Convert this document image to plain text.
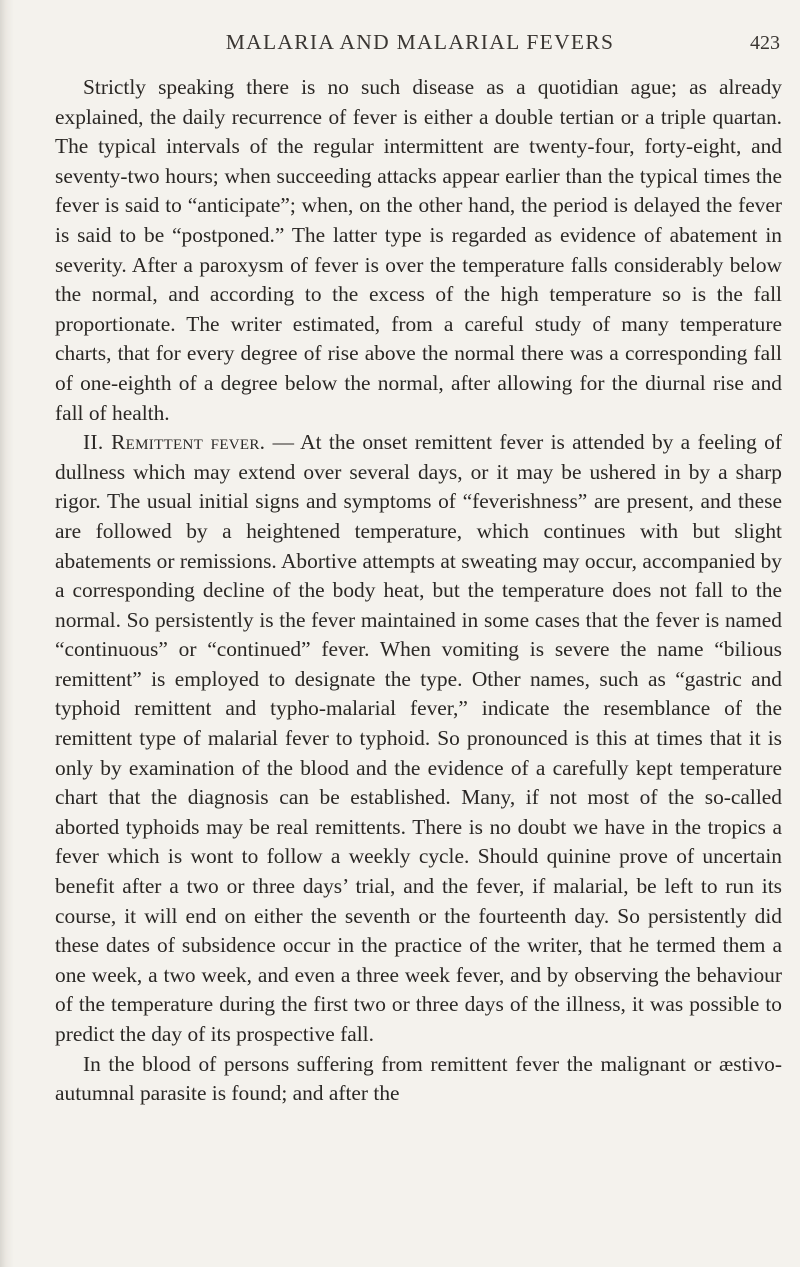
MALARIA AND MALARIAL FEVERS	423

Strictly speaking there is no such disease as a quotidian ague; as already explained, the daily recurrence of fever is either a double tertian or a triple quartan. The typical intervals of the regular intermittent are twenty-four, forty-eight, and seventy-two hours; when succeeding attacks appear earlier than the typical times the fever is said to “anticipate”; when, on the other hand, the period is delayed the fever is said to be “postponed.” The latter type is regarded as evidence of abatement in severity. After a paroxysm of fever is over the temperature falls considerably below the normal, and according to the excess of the high temperature so is the fall proportionate. The writer estimated, from a careful study of many temperature charts, that for every degree of rise above the normal there was a corresponding fall of one-eighth of a degree below the normal, after allowing for the diurnal rise and fall of health.

II. Remittent fever. — At the onset remittent fever is attended by a feeling of dullness which may extend over several days, or it may be ushered in by a sharp rigor. The usual initial signs and symptoms of “feverishness” are present, and these are followed by a heightened temperature, which continues with but slight abatements or remissions. Abortive attempts at sweating may occur, accompanied by a corresponding decline of the body heat, but the temperature does not fall to the normal. So persistently is the fever maintained in some cases that the fever is named “continuous” or “continued” fever. When vomiting is severe the name “bilious remittent” is employed to designate the type. Other names, such as “gastric and typhoid remittent and typho-malarial fever,” indicate the resemblance of the remittent type of malarial fever to typhoid. So pronounced is this at times that it is only by examination of the blood and the evidence of a carefully kept temperature chart that the diagnosis can be established. Many, if not most of the so-called aborted typhoids may be real remittents. There is no doubt we have in the tropics a fever which is wont to follow a weekly cycle. Should quinine prove of uncertain benefit after a two or three days’ trial, and the fever, if malarial, be left to run its course, it will end on either the seventh or the fourteenth day. So persistently did these dates of subsidence occur in the practice of the writer, that he termed them a one week, a two week, and even a three week fever, and by observing the behaviour of the temperature during the first two or three days of the illness, it was possible to predict the day of its prospective fall.

In the blood of persons suffering from remittent fever the malignant or æstivo-autumnal parasite is found; and after the
